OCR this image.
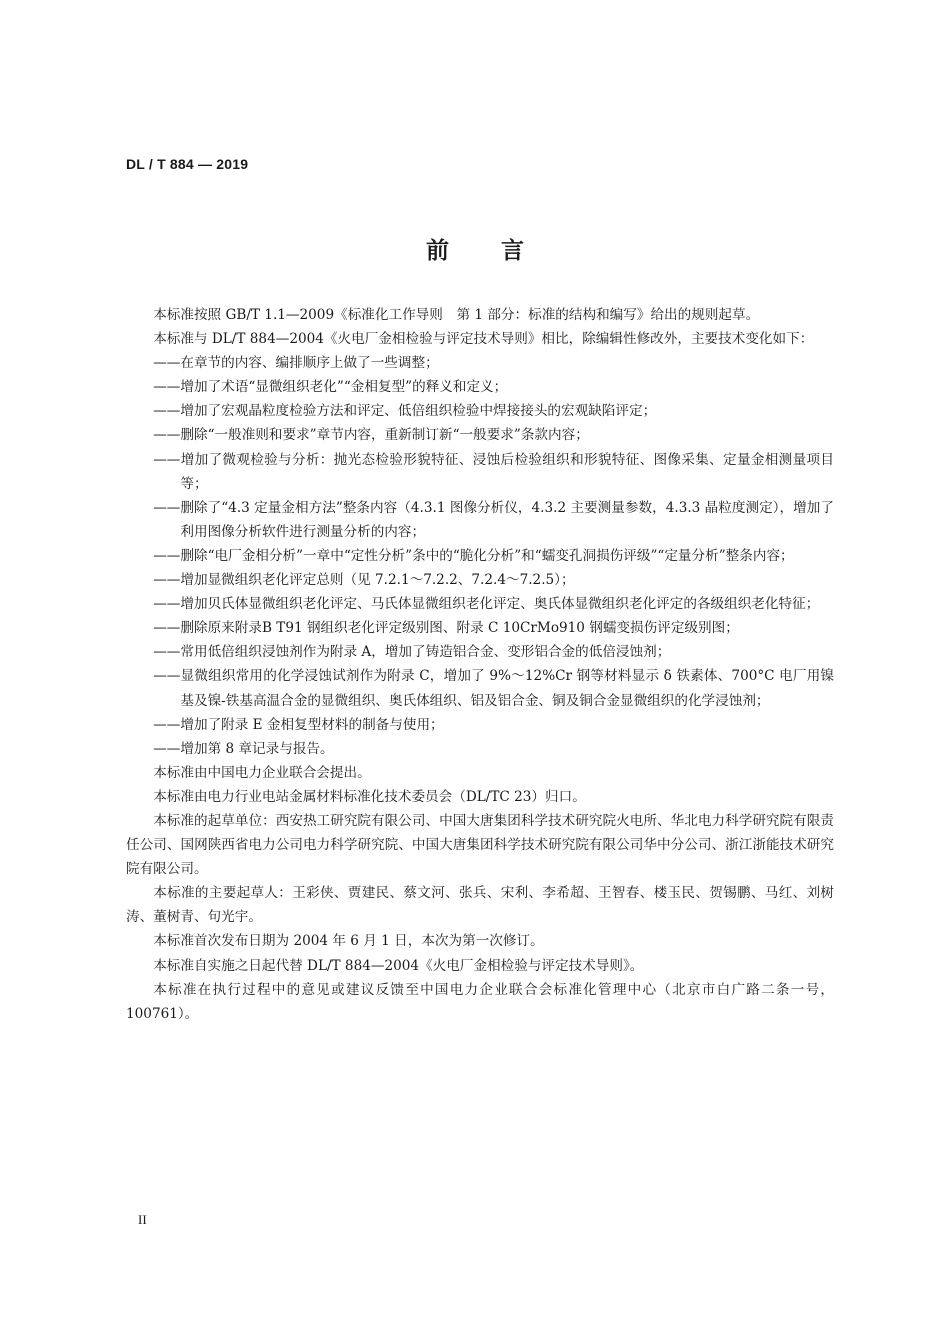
DL / T 884 — 2019
前言

本标准按照 GB/T 1.1—2009《标准化工作导则　第 1 部分：标准的结构和编写》给出的规则起草。

本标准与 DL/T 884—2004《火电厂金相检验与评定技术导则》相比，除编辑性修改外，主要技术变化如下：

——在章节的内容、编排顺序上做了一些调整；

——增加了术语“显微组织老化”“金相复型”的释义和定义；

——增加了宏观晶粒度检验方法和评定、低倍组织检验中焊接接头的宏观缺陷评定；

——删除“一般准则和要求”章节内容，重新制订新“一般要求”条款内容；

——增加了微观检验与分析：抛光态检验形貌特征、浸蚀后检验组织和形貌特征、图像采集、定量金相测量项目等；

——删除了“4.3 定量金相方法”整条内容（4.3.1 图像分析仪，4.3.2 主要测量参数，4.3.3 晶粒度测定），增加了利用图像分析软件进行测量分析的内容；

——删除“电厂金相分析”一章中“定性分析”条中的“脆化分析”和“蠕变孔洞损伤评级”“定量分析”整条内容；

——增加显微组织老化评定总则（见 7.2.1～7.2.2、7.2.4～7.2.5）；

——增加贝氏体显微组织老化评定、马氏体显微组织老化评定、奥氏体显微组织老化评定的各级组织老化特征；

——删除原来附录B T91 钢组织老化评定级别图、附录 C 10CrMo910 钢蠕变损伤评定级别图；

——常用低倍组织浸蚀剂作为附录 A，增加了铸造铝合金、变形铝合金的低倍浸蚀剂；

——显微组织常用的化学浸蚀试剂作为附录 C，增加了 9%～12%Cr 钢等材料显示 δ 铁素体、700°C 电厂用镍基及镍-铁基高温合金的显微组织、奥氏体组织、铝及铝合金、铜及铜合金显微组织的化学浸蚀剂；

——增加了附录 E 金相复型材料的制备与使用；

——增加第 8 章记录与报告。

本标准由中国电力企业联合会提出。

本标准由电力行业电站金属材料标准化技术委员会（DL/TC 23）归口。

本标准的起草单位：西安热工研究院有限公司、中国大唐集团科学技术研究院火电所、华北电力科学研究院有限责任公司、国网陕西省电力公司电力科学研究院、中国大唐集团科学技术研究院有限公司华中分公司、浙江浙能技术研究院有限公司。

本标准的主要起草人：王彩侠、贾建民、蔡文河、张兵、宋利、李希超、王智春、楼玉民、贺锡鹏、马红、刘树涛、董树青、句光宇。

本标准首次发布日期为 2004 年 6 月 1 日，本次为第一次修订。

本标准自实施之日起代替 DL/T 884—2004《火电厂金相检验与评定技术导则》。

本标准在执行过程中的意见或建议反馈至中国电力企业联合会标准化管理中心（北京市白广路二条一号，100761）。

II
